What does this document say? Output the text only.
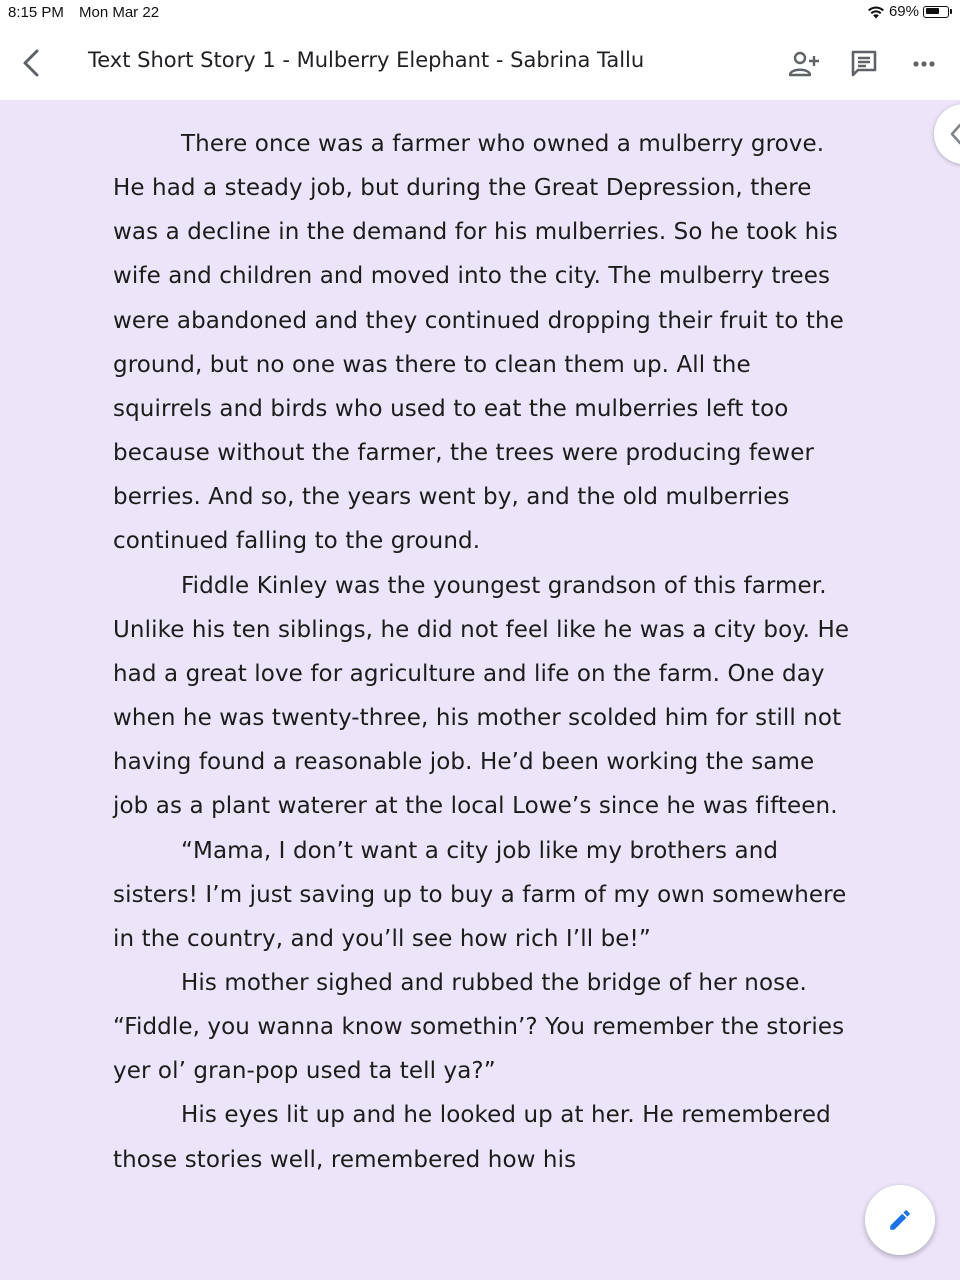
8:15 PM Mon Mar 22	69%
Text Short Story 1 - Mulberry Elephant - Sabrina Tallu

There once was a farmer who owned a mulberry grove. He had a steady job, but during the Great Depression, there was a decline in the demand for his mulberries. So he took his wife and children and moved into the city. The mulberry trees were abandoned and they continued dropping their fruit to the ground, but no one was there to clean them up. All the squirrels and birds who used to eat the mulberries left too because without the farmer, the trees were producing fewer berries. And so, the years went by, and the old mulberries continued falling to the ground.

Fiddle Kinley was the youngest grandson of this farmer. Unlike his ten siblings, he did not feel like he was a city boy. He had a great love for agriculture and life on the farm. One day when he was twenty-three, his mother scolded him for still not having found a reasonable job. He’d been working the same job as a plant waterer at the local Lowe’s since he was fifteen.

“Mama, I don’t want a city job like my brothers and sisters! I’m just saving up to buy a farm of my own somewhere in the country, and you’ll see how rich I’ll be!”

His mother sighed and rubbed the bridge of her nose. “Fiddle, you wanna know somethin’? You remember the stories yer ol’ gran-pop used ta tell ya?”

His eyes lit up and he looked up at her. He remembered those stories well, remembered how his
